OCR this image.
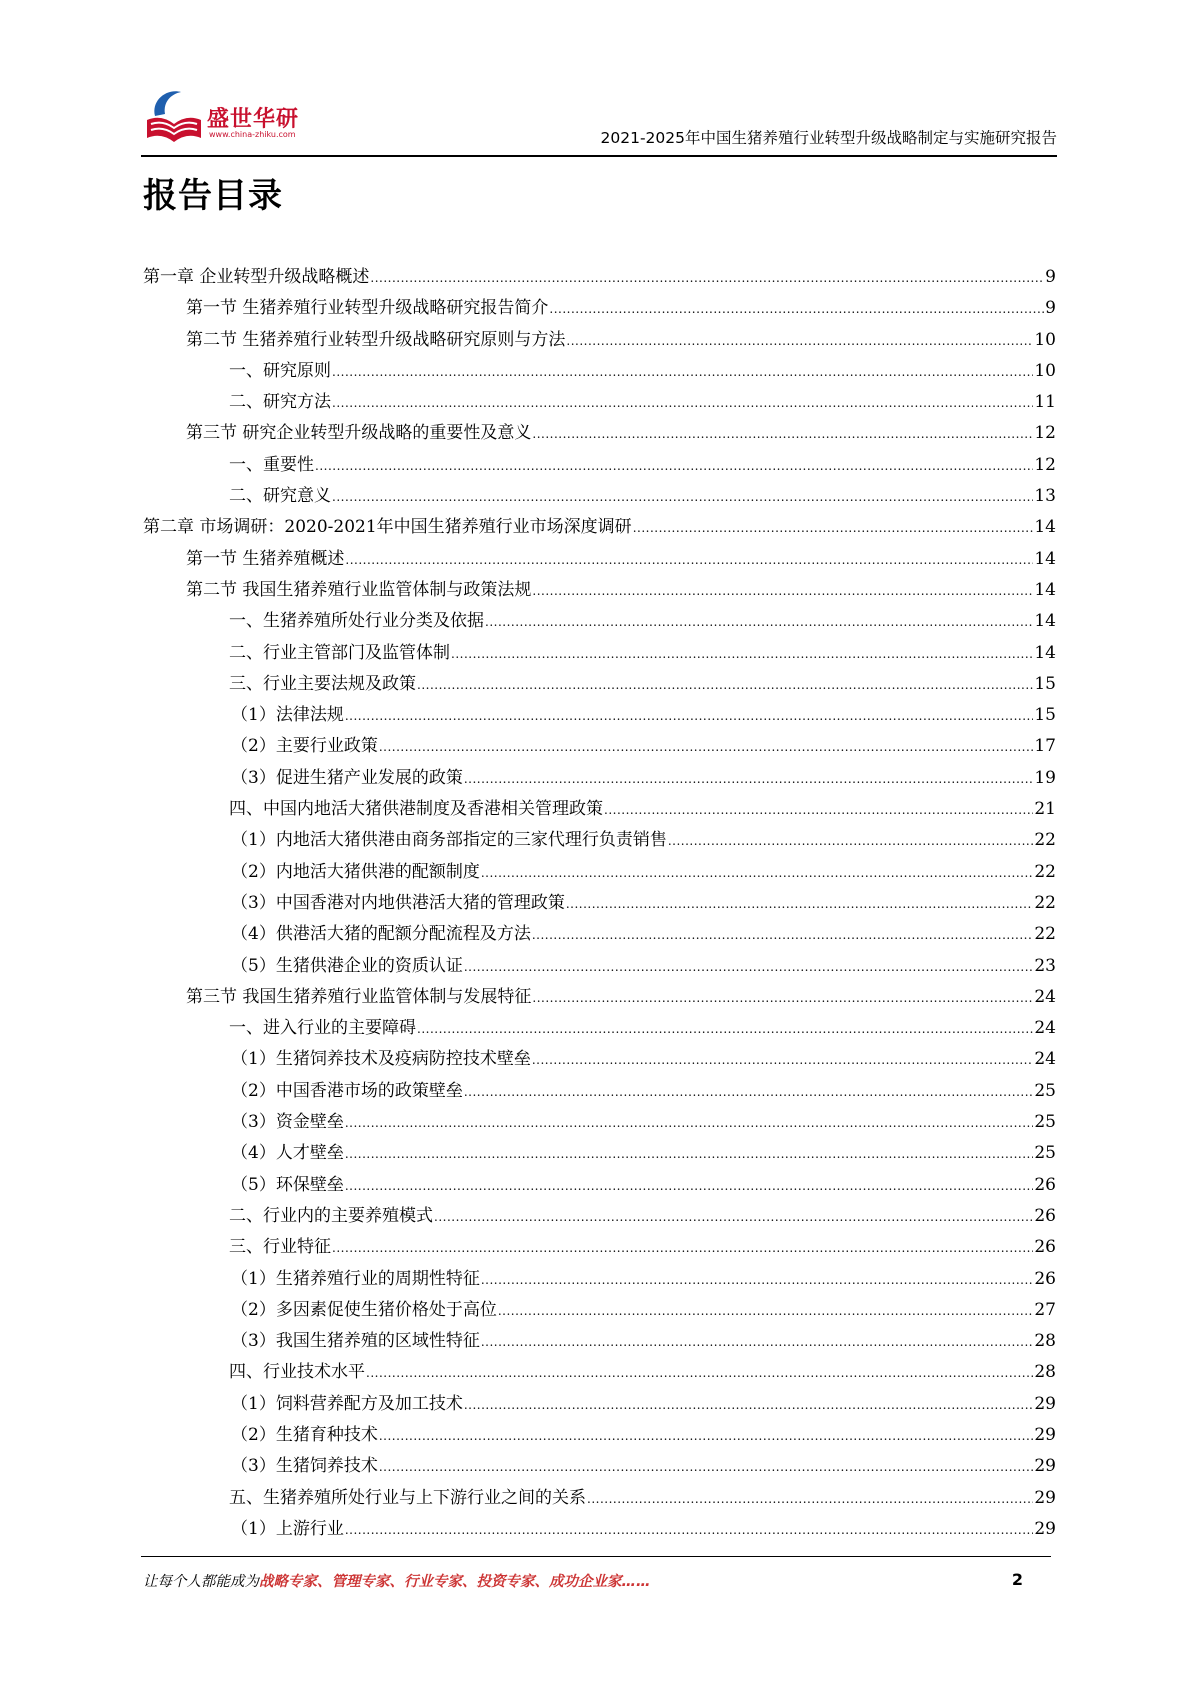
盛世华研
www.china-zhiku.com	2021-2025年中国生猪养殖行业转型升级战略制定与实施研究报告
报告目录
第一章 企业转型升级战略概述 .....	9
第一节 生猪养殖行业转型升级战略研究报告简介 .....	9
第二节 生猪养殖行业转型升级战略研究原则与方法 .....	10
一、研究原则 .....	10
二、研究方法 .....	11
第三节 研究企业转型升级战略的重要性及意义 .....	12
一、重要性 .....	12
二、研究意义 .....	13
第二章 市场调研：2020-2021年中国生猪养殖行业市场深度调研 .....	14
第一节 生猪养殖概述 .....	14
第二节 我国生猪养殖行业监管体制与政策法规 .....	14
一、生猪养殖所处行业分类及依据 .....	14
二、行业主管部门及监管体制 .....	14
三、行业主要法规及政策 .....	15
（1）法律法规 .....	15
（2）主要行业政策 .....	17
（3）促进生猪产业发展的政策 .....	19
四、中国内地活大猪供港制度及香港相关管理政策 .....	21
（1）内地活大猪供港由商务部指定的三家代理行负责销售 .....	22
（2）内地活大猪供港的配额制度 .....	22
（3）中国香港对内地供港活大猪的管理政策 .....	22
（4）供港活大猪的配额分配流程及方法 .....	22
（5）生猪供港企业的资质认证 .....	23
第三节 我国生猪养殖行业监管体制与发展特征 .....	24
一、进入行业的主要障碍 .....	24
（1）生猪饲养技术及疫病防控技术壁垒 .....	24
（2）中国香港市场的政策壁垒 .....	25
（3）资金壁垒 .....	25
（4）人才壁垒 .....	25
（5）环保壁垒 .....	26
二、行业内的主要养殖模式 .....	26
三、行业特征 .....	26
（1）生猪养殖行业的周期性特征 .....	26
（2）多因素促使生猪价格处于高位 .....	27
（3）我国生猪养殖的区域性特征 .....	28
四、行业技术水平 .....	28
（1）饲料营养配方及加工技术 .....	29
（2）生猪育种技术 .....	29
（3）生猪饲养技术 .....	29
五、生猪养殖所处行业与上下游行业之间的关系 .....	29
（1）上游行业 .....	29
让每个人都能成为战略专家、管理专家、行业专家、投资专家、成功企业家……	2
